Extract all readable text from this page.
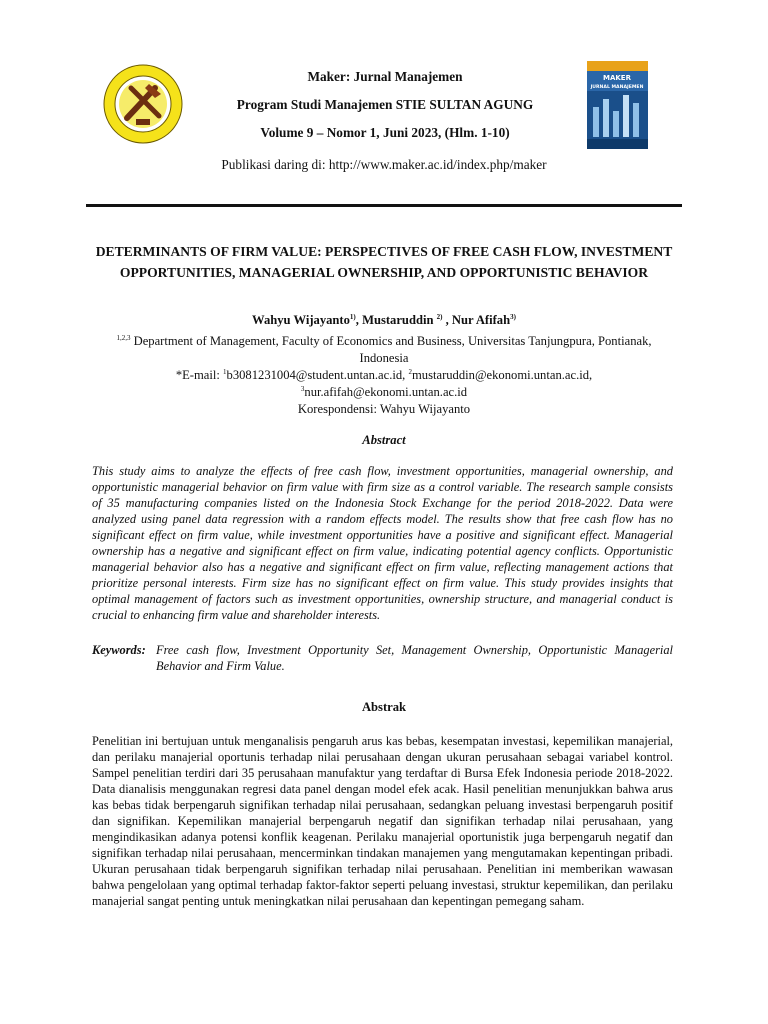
Maker: Jurnal Manajemen
Program Studi Manajemen STIE SULTAN AGUNG
Volume 9 – Nomor 1, Juni 2023, (Hlm. 1-10)
MAKER
JURNAL MANAJEMEN
Publikasi daring di: http://www.maker.ac.id/index.php/maker
DETERMINANTS OF FIRM VALUE: PERSPECTIVES OF FREE CASH FLOW, INVESTMENT OPPORTUNITIES, MANAGERIAL OWNERSHIP, AND OPPORTUNISTIC BEHAVIOR
Wahyu Wijayanto$^{1)}$, Mustaruddin $^{2)}$ , Nur Afifah$^{3)}$
$^{1,2,3}$ Department of Management, Faculty of Economics and Business, Universitas Tanjungpura, Pontianak, Indonesia
*E-mail: $^1$b3081231004@student.untan.ac.id, $^2$mustaruddin@ekonomi.untan.ac.id,
$^3$nur.afifah@ekonomi.untan.ac.id
Korespondensi: Wahyu Wijayanto
Abstract
This study aims to analyze the effects of free cash flow, investment opportunities, managerial ownership, and opportunistic managerial behavior on firm value with firm size as a control variable. The research sample consists of 35 manufacturing companies listed on the Indonesia Stock Exchange for the period 2018-2022. Data were analyzed using panel data regression with a random effects model. The results show that free cash flow has no significant effect on firm value, while investment opportunities have a positive and significant effect. Managerial ownership has a negative and significant effect on firm value, indicating potential agency conflicts. Opportunistic managerial behavior also has a negative and significant effect on firm value, reflecting management actions that prioritize personal interests. Firm size has no significant effect on firm value. This study provides insights that optimal management of factors such as investment opportunities, ownership structure, and managerial conduct is crucial to enhancing firm value and shareholder interests.
Keywords: Free cash flow, Investment Opportunity Set, Management Ownership, Opportunistic Managerial Behavior and Firm Value.
Abstrak
Penelitian ini bertujuan untuk menganalisis pengaruh arus kas bebas, kesempatan investasi, kepemilikan manajerial, dan perilaku manajerial oportunis terhadap nilai perusahaan dengan ukuran perusahaan sebagai variabel kontrol. Sampel penelitian terdiri dari 35 perusahaan manufaktur yang terdaftar di Bursa Efek Indonesia periode 2018-2022. Data dianalisis menggunakan regresi data panel dengan model efek acak. Hasil penelitian menunjukkan bahwa arus kas bebas tidak berpengaruh signifikan terhadap nilai perusahaan, sedangkan peluang investasi berpengaruh positif dan signifikan. Kepemilikan manajerial berpengaruh negatif dan signifikan terhadap nilai perusahaan, yang mengindikasikan adanya potensi konflik keagenan. Perilaku manajerial oportunistik juga berpengaruh negatif dan signifikan terhadap nilai perusahaan, mencerminkan tindakan manajemen yang mengutamakan kepentingan pribadi. Ukuran perusahaan tidak berpengaruh signifikan terhadap nilai perusahaan. Penelitian ini memberikan wawasan bahwa pengelolaan yang optimal terhadap faktor-faktor seperti peluang investasi, struktur kepemilikan, dan perilaku manajerial sangat penting untuk meningkatkan nilai perusahaan dan kepentingan pemegang saham.
